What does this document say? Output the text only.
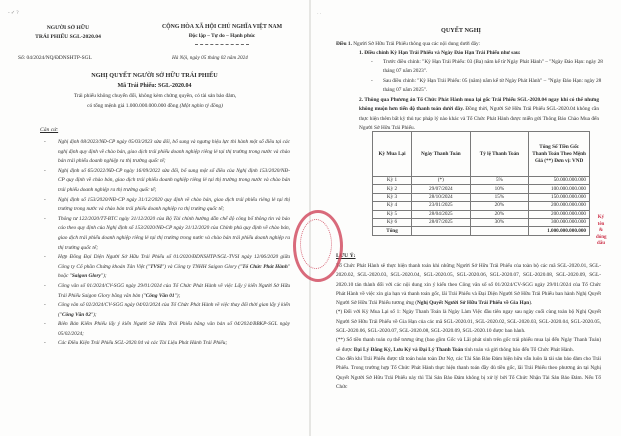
- ✓ ?
NGƯỜI SỞ HỮU
TRÁI PHIẾU SGL-2020.04
CỘNG HÒA XÃ HỘI CHỦ NGHĨA VIỆT NAM
Độc lập – Tự do – Hạnh phúc
Số: 04/2024/NQ/ĐDNSHTP-SGL	Hà Nội, ngày 05 tháng 02 năm 2024
NGHỊ QUYẾT NGƯỜI SỞ HỮU TRÁI PHIẾU
Mã Trái Phiếu: SGL-2020.04
Trái phiếu không chuyển đổi, không kèm chứng quyền, có tài sản bảo đảm,
có tổng mệnh giá 1.000.000.000.000 đồng (Một nghìn tỷ đồng)
Căn cứ:
- Nghị định 08/2023/NĐ-CP ngày 05/03/2023 sửa đổi, bổ sung và ngưng hiệu lực thi hành một số điều tại các nghị định quy định về chào bán, giao dịch trái phiếu doanh nghiệp riêng lẻ tại thị trường trong nước và chào bán trái phiếu doanh nghiệp ra thị trường quốc tế;
- Nghị định số 65/2022/NĐ-CP ngày 16/09/2022 sửa đổi, bổ sung một số điều của Nghị định 153/2020/NĐ-CP quy định về chào bán, giao dịch trái phiếu doanh nghiệp riêng lẻ tại thị trường trong nước và chào bán trái phiếu doanh nghiệp ra thị trường quốc tế;
- Nghị định số 153/2020/NĐ-CP ngày 31/12/2020 quy định về chào bán, giao dịch trái phiếu riêng lẻ tại thị trường trong nước và chào bán trái phiếu doanh nghiệp ra thị trường quốc tế;
- Thông tư 122/2020/TT-BTC ngày 31/12/2020 của Bộ Tài chính hướng dẫn chế độ công bố thông tin và báo cáo theo quy định của Nghị định số 153/2020/NĐ-CP ngày 31/12/2020 của Chính phủ quy định về chào bán, giao dịch trái phiếu doanh nghiệp riêng lẻ tại thị trường trong nước và chào bán trái phiếu doanh nghiệp ra thị trường quốc tế;
- Hợp Đồng Đại Diện Người Sở Hữu Trái Phiếu số 01/2020/ĐDNSHTP/SGL-TVSI ngày 12/06/2020 giữa Công ty Cổ phần Chứng khoán Tân Việt ("TVSI") và Công ty TNHH Saigon Glory ("Tổ Chức Phát Hành" hoặc "Saigon Glory");
- Công văn số 01/2024/CV-SGG ngày 29/01/2024 của Tổ Chức Phát Hành về việc Lấy ý kiến Người Sở Hữu Trái Phiếu Saigon Glory bằng văn bản ("Công Văn 01");
- Công văn số 02/2024/CV-SGG ngày 04/02/2024 của Tổ Chức Phát Hành về việc thay đổi thời gian lấy ý kiến ("Công Văn 02");
- Biên Bản Kiểm Phiếu lấy ý kiến Người Sở Hữu Trái Phiếu bằng văn bản số 04/2024/BBKP-SGL ngày 05/02/2024;
- Các Điều Kiện Trái Phiếu SGL-2020.04 và các Tài Liệu Phát Hành Trái Phiếu;
· ·
QUYẾT NGHỊ
Điều 1. Người Sở Hữu Trái Phiếu thông qua các nội dung dưới đây:
1. Điều chỉnh Kỳ Hạn Trái Phiếu và Ngày Đáo Hạn Trái Phiếu như sau:
- Trước điều chỉnh: "Kỳ Hạn Trái Phiếu: 03 (Ba) năm kể từ Ngày Phát Hành" – "Ngày Đáo Hạn: ngày 28 tháng 07 năm 2023".
- Sau điều chỉnh: "Kỳ Hạn Trái Phiếu: 05 (năm) năm kể từ Ngày Phát Hành" – "Ngày Đáo Hạn: ngày 28 tháng 07 năm 2025".
2. Thông qua Phương án Tổ Chức Phát Hành mua lại gốc Trái Phiếu SGL-2020.04 ngay khi có thể nhưng không muộn hơn tiến độ thanh toán dưới đây. Đồng thời, Người Sở Hữu Trái Phiếu SGL-2020.04 không cần thực hiện thêm bất kỳ thủ tục pháp lý nào khác và Tổ Chức Phát Hành được miễn gửi Thông Báo Chào Mua đến Người Sở Hữu Trái Phiếu.
Kỳ Mua Lại	Ngày Thanh Toán	Tỷ lệ Thanh Toán	Tổng Số Tiền Gốc Thanh Toán Theo Mệnh Giá (**) Đơn vị: VND
Kỳ 1	(*)	5%	50.000.000.000
Kỳ 2	29/07/2024	10%	100.000.000.000
Kỳ 3	28/10/2024	15%	150.000.000.000
Kỳ 4	23/01/2025	20%	200.000.000.000
Kỳ 5	28/04/2025	20%	200.000.000.000
Kỳ 6	28/07/2025	30%	300.000.000.000
Tổng			1.000.000.000.000
LƯU Ý:

Tổ Chức Phát Hành sẽ thực hiện thanh toán khi những Người Sở Hữu Trái Phiếu của toàn bộ các mã SGL-2020.01, SGL-2020.02, SGL-2020.03, SGL-2020.04, SGL-2020.05, SGL-2020.06, SGL-2020.07, SGL-2020.08, SGL-2020.09, SGL-2020.10 tán thành đối với các nội dung xin ý kiến theo Công văn số số 01/2024/CV-SGG ngày 29/01/2024 của Tổ Chức Phát Hành về việc xin gia hạn và thanh toán gốc, lãi Trái Phiếu và Đại Diện Người Sở Hữu Trái Phiếu ban hành Nghị Quyết Người Sở Hữu Trái Phiếu tương ứng (Nghị Quyết Người Sở Hữu Trái Phiếu về Gia Hạn).

(*) Đối với Kỳ Mua Lại số 1: Ngày Thanh Toán là Ngày Làm Việc đầu tiên ngay sau ngày cuối cùng toàn bộ Nghị Quyết Người Sở Hữu Trái Phiếu về Gia Hạn của các mã SGL-2020.01, SGL-2020.02, SGL-2020.03, SGL-2020.04, SGL-2020.05, SGL-2020.06, SGL-2020.07, SGL-2020.08, SGL-2020.09, SGL-2020.10 được ban hành.

(**) Số tiền thanh toán cụ thể tương ứng (bao gồm Gốc và Lãi phát sinh trên gốc trái phiếu mua lại đến Ngày Thanh Toán) sẽ được Đại Lý Đăng Ký, Lưu Ký và Đại Lý Thanh Toán tính toán và gửi thông báo đến Tổ Chức Phát Hành.

Cho đến khi Trái Phiếu được tất toán hoàn toàn Dư Nợ, các Tài Sản Bảo Đảm hiện hữu vẫn luôn là tài sản bảo đảm cho Trái Phiếu. Trong trường hợp Tổ Chức Phát Hành thực hiện thanh toán đầy đủ tiền gốc, lãi Trái Phiếu theo phương án tại Nghị Quyết Người Sở Hữu Trái Phiếu này thì Tài Sản Bảo Đảm không bị xử lý bởi Tổ Chức Nhận Tài Sản Bảo Đảm. Nếu Tổ Chức

Ký
tên
&
đóng
dấu
